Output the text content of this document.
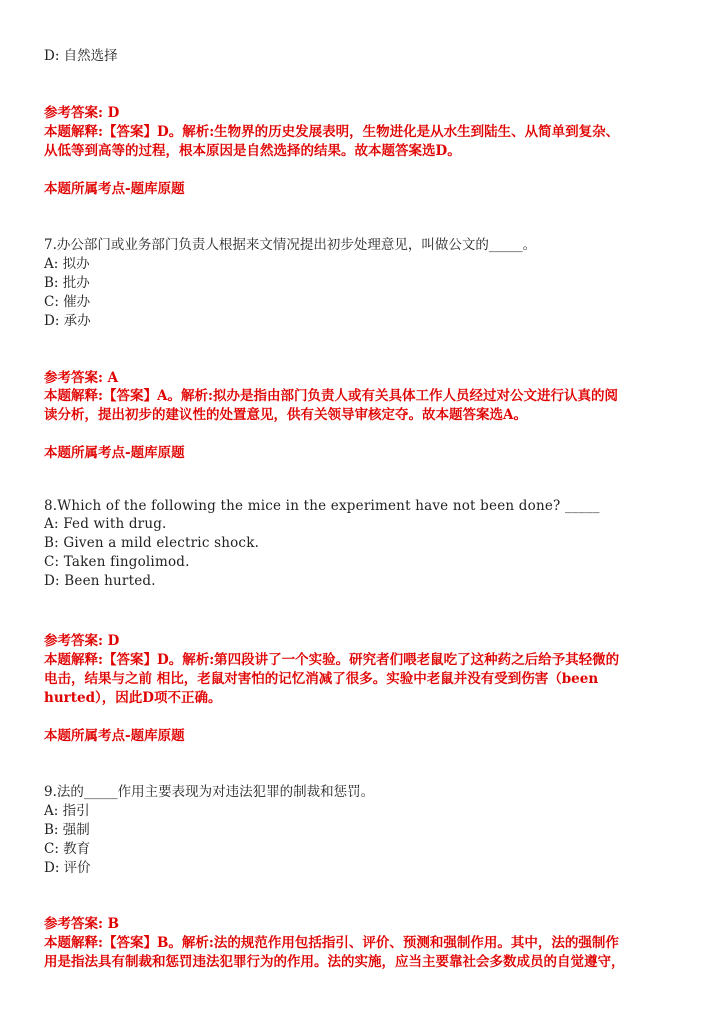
D: 自然选择
参考答案: D
本题解释:【答案】D。解析:生物界的历史发展表明，生物进化是从水生到陆生、从简单到复杂、
从低等到高等的过程，根本原因是自然选择的结果。故本题答案选D。
本题所属考点-题库原题
7.办公部门或业务部门负责人根据来文情况提出初步处理意见，叫做公文的_____。
A: 拟办
B: 批办
C: 催办
D: 承办
参考答案: A
本题解释:【答案】A。解析:拟办是指由部门负责人或有关具体工作人员经过对公文进行认真的阅
读分析，提出初步的建议性的处置意见，供有关领导审核定夺。故本题答案选A。
本题所属考点-题库原题
8.Which of the following the mice in the experiment have not been done? _____
A: Fed with drug.
B: Given a mild electric shock.
C: Taken fingolimod.
D: Been hurted.
参考答案: D
本题解释:【答案】D。解析:第四段讲了一个实验。研究者们喂老鼠吃了这种药之后给予其轻微的
电击，结果与之前 相比，老鼠对害怕的记忆消减了很多。实验中老鼠并没有受到伤害（been
hurted），因此D项不正确。
本题所属考点-题库原题
9.法的_____作用主要表现为对违法犯罪的制裁和惩罚。
A: 指引
B: 强制
C: 教育
D: 评价
参考答案: B
本题解释:【答案】B。解析:法的规范作用包括指引、评价、预测和强制作用。其中，法的强制作
用是指法具有制裁和惩罚违法犯罪行为的作用。法的实施，应当主要靠社会多数成员的自觉遵守，
